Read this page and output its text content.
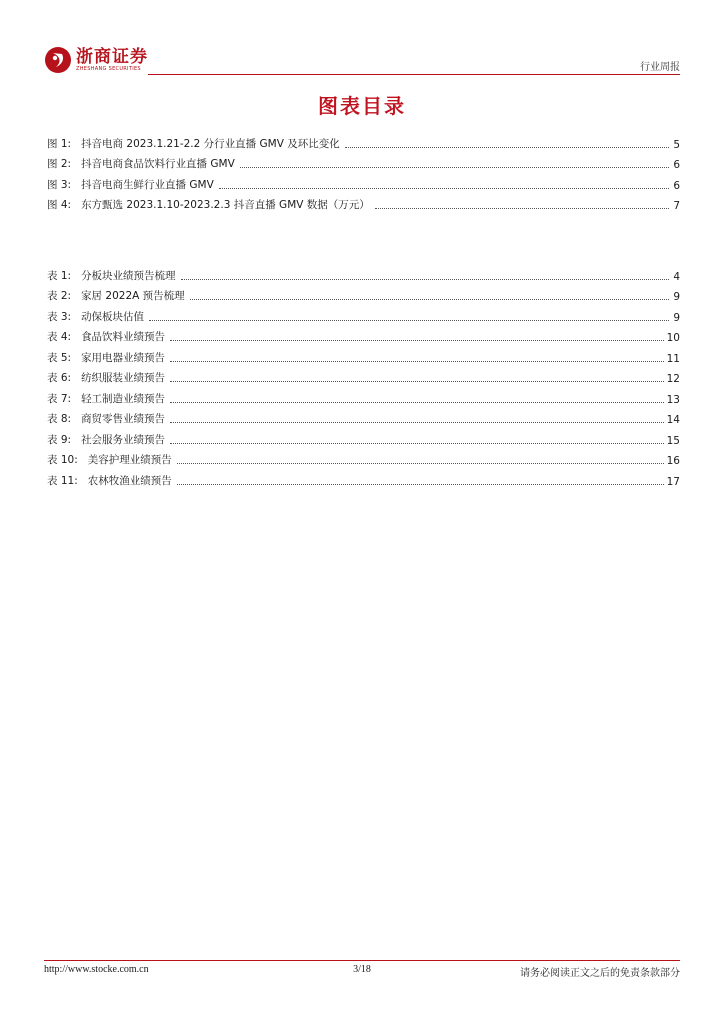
浙商证券
ZHESHANG SECURITIES	行业周报
图表目录
图 1: 抖音电商 2023.1.21-2.2 分行业直播 GMV 及环比变化	5
图 2: 抖音电商食品饮料行业直播 GMV	6
图 3: 抖音电商生鲜行业直播 GMV	6
图 4: 东方甄选 2023.1.10-2023.2.3 抖音直播 GMV 数据（万元）	7
表 1: 分板块业绩预告梳理	4
表 2: 家居 2022A 预告梳理	9
表 3: 动保板块估值	9
表 4: 食品饮料业绩预告	10
表 5: 家用电器业绩预告	11
表 6: 纺织服装业绩预告	12
表 7: 轻工制造业绩预告	13
表 8: 商贸零售业绩预告	14
表 9: 社会服务业绩预告	15
表 10: 美容护理业绩预告	16
表 11: 农林牧渔业绩预告	17
http://www.stocke.com.cn	3/18	请务必阅读正文之后的免责条款部分
